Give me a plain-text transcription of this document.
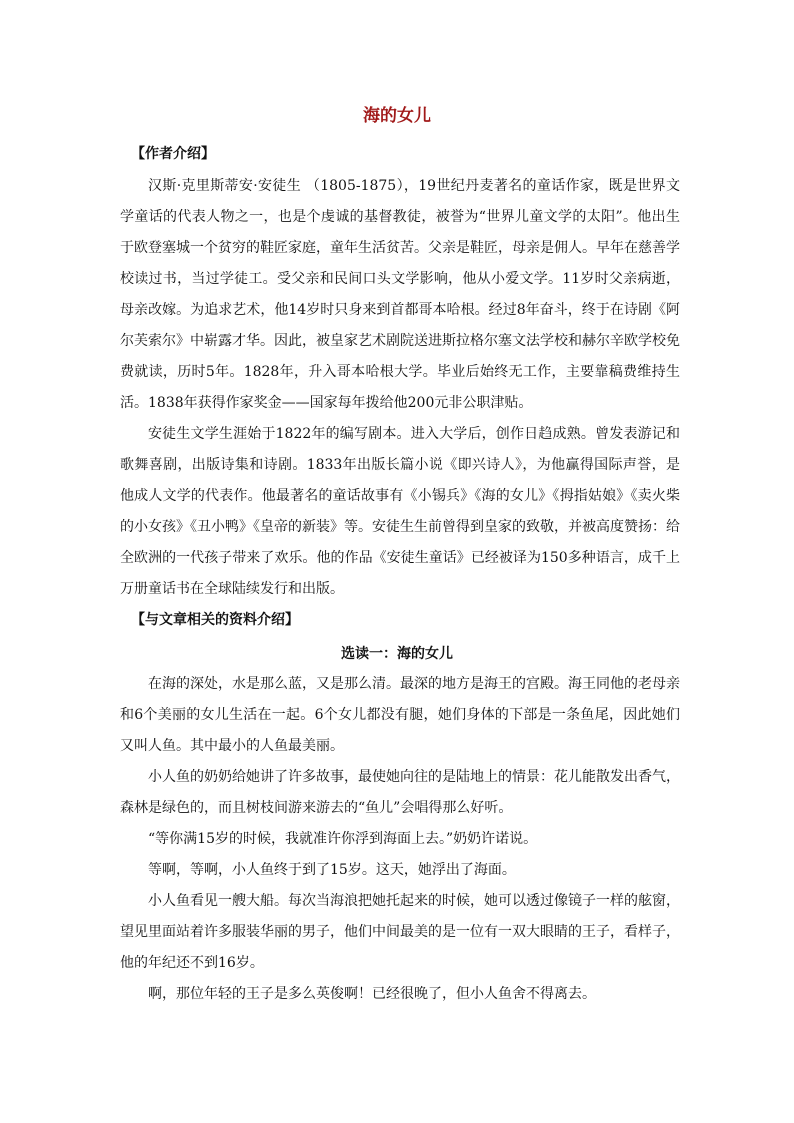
海的女儿
【作者介绍】

汉斯·克里斯蒂安·安徒生 （1805-1875），19世纪丹麦著名的童话作家，既是世界文学童话的代表人物之一，也是个虔诚的基督教徒，被誉为“世界儿童文学的太阳”。他出生于欧登塞城一个贫穷的鞋匠家庭，童年生活贫苦。父亲是鞋匠，母亲是佣人。早年在慈善学校读过书，当过学徒工。受父亲和民间口头文学影响，他从小爱文学。11岁时父亲病逝，母亲改嫁。为追求艺术，他14岁时只身来到首都哥本哈根。经过8年奋斗，终于在诗剧《阿尔芙索尔》中崭露才华。因此，被皇家艺术剧院送进斯拉格尔塞文法学校和赫尔辛欧学校免费就读，历时5年。1828年，升入哥本哈根大学。毕业后始终无工作，主要靠稿费维持生活。1838年获得作家奖金——国家每年拨给他200元非公职津贴。

安徒生文学生涯始于1822年的编写剧本。进入大学后，创作日趋成熟。曾发表游记和歌舞喜剧，出版诗集和诗剧。1833年出版长篇小说《即兴诗人》，为他赢得国际声誉，是他成人文学的代表作。他最著名的童话故事有《小锡兵》《海的女儿》《拇指姑娘》《卖火柴的小女孩》《丑小鸭》《皇帝的新装》等。安徒生生前曾得到皇家的致敬，并被高度赞扬：给全欧洲的一代孩子带来了欢乐。他的作品《安徒生童话》已经被译为150多种语言，成千上万册童话书在全球陆续发行和出版。

【与文章相关的资料介绍】
选读一：海的女儿

在海的深处，水是那么蓝，又是那么清。最深的地方是海王的宫殿。海王同他的老母亲和6个美丽的女儿生活在一起。6个女儿都没有腿，她们身体的下部是一条鱼尾，因此她们又叫人鱼。其中最小的人鱼最美丽。

小人鱼的奶奶给她讲了许多故事，最使她向往的是陆地上的情景：花儿能散发出香气，森林是绿色的，而且树枝间游来游去的“鱼儿”会唱得那么好听。

“等你满15岁的时候，我就准许你浮到海面上去。”奶奶许诺说。

等啊，等啊，小人鱼终于到了15岁。这天，她浮出了海面。

小人鱼看见一艘大船。每次当海浪把她托起来的时候，她可以透过像镜子一样的舷窗，望见里面站着许多服装华丽的男子，他们中间最美的是一位有一双大眼睛的王子，看样子，他的年纪还不到16岁。

啊，那位年轻的王子是多么英俊啊！已经很晚了，但小人鱼舍不得离去。
